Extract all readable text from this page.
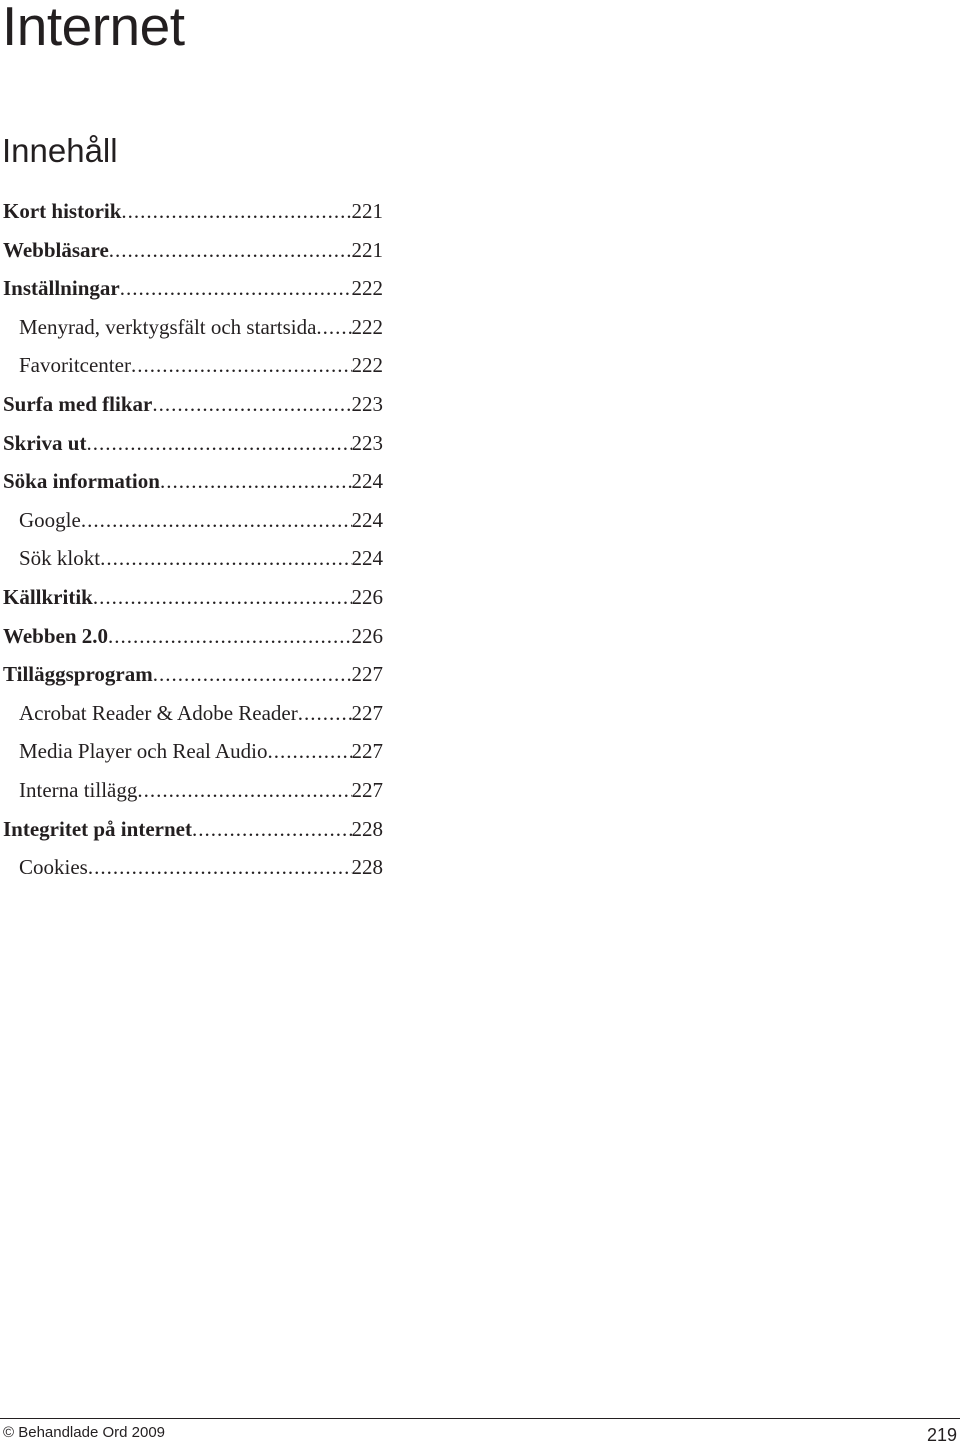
Internet
Innehåll
Kort historik .....	221
Webbläsare .....	221
Inställningar .....	222
Menyrad, verktygsfält och startsida ..... 222
Favoritcenter .....	222
Surfa med flikar .....	223
Skriva ut .....	223
Söka information .....	224
Google .....	224
Sök klokt .....	224
Källkritik .....	226
Webben 2.0 .....	226
Tilläggsprogram .....	227
Acrobat Reader & Adobe Reader .....	227
Media Player och Real Audio .....	227
Interna tillägg .....	227
Integritet på internet .....	228
Cookies .....	228
© Behandlade Ord 2009	219
